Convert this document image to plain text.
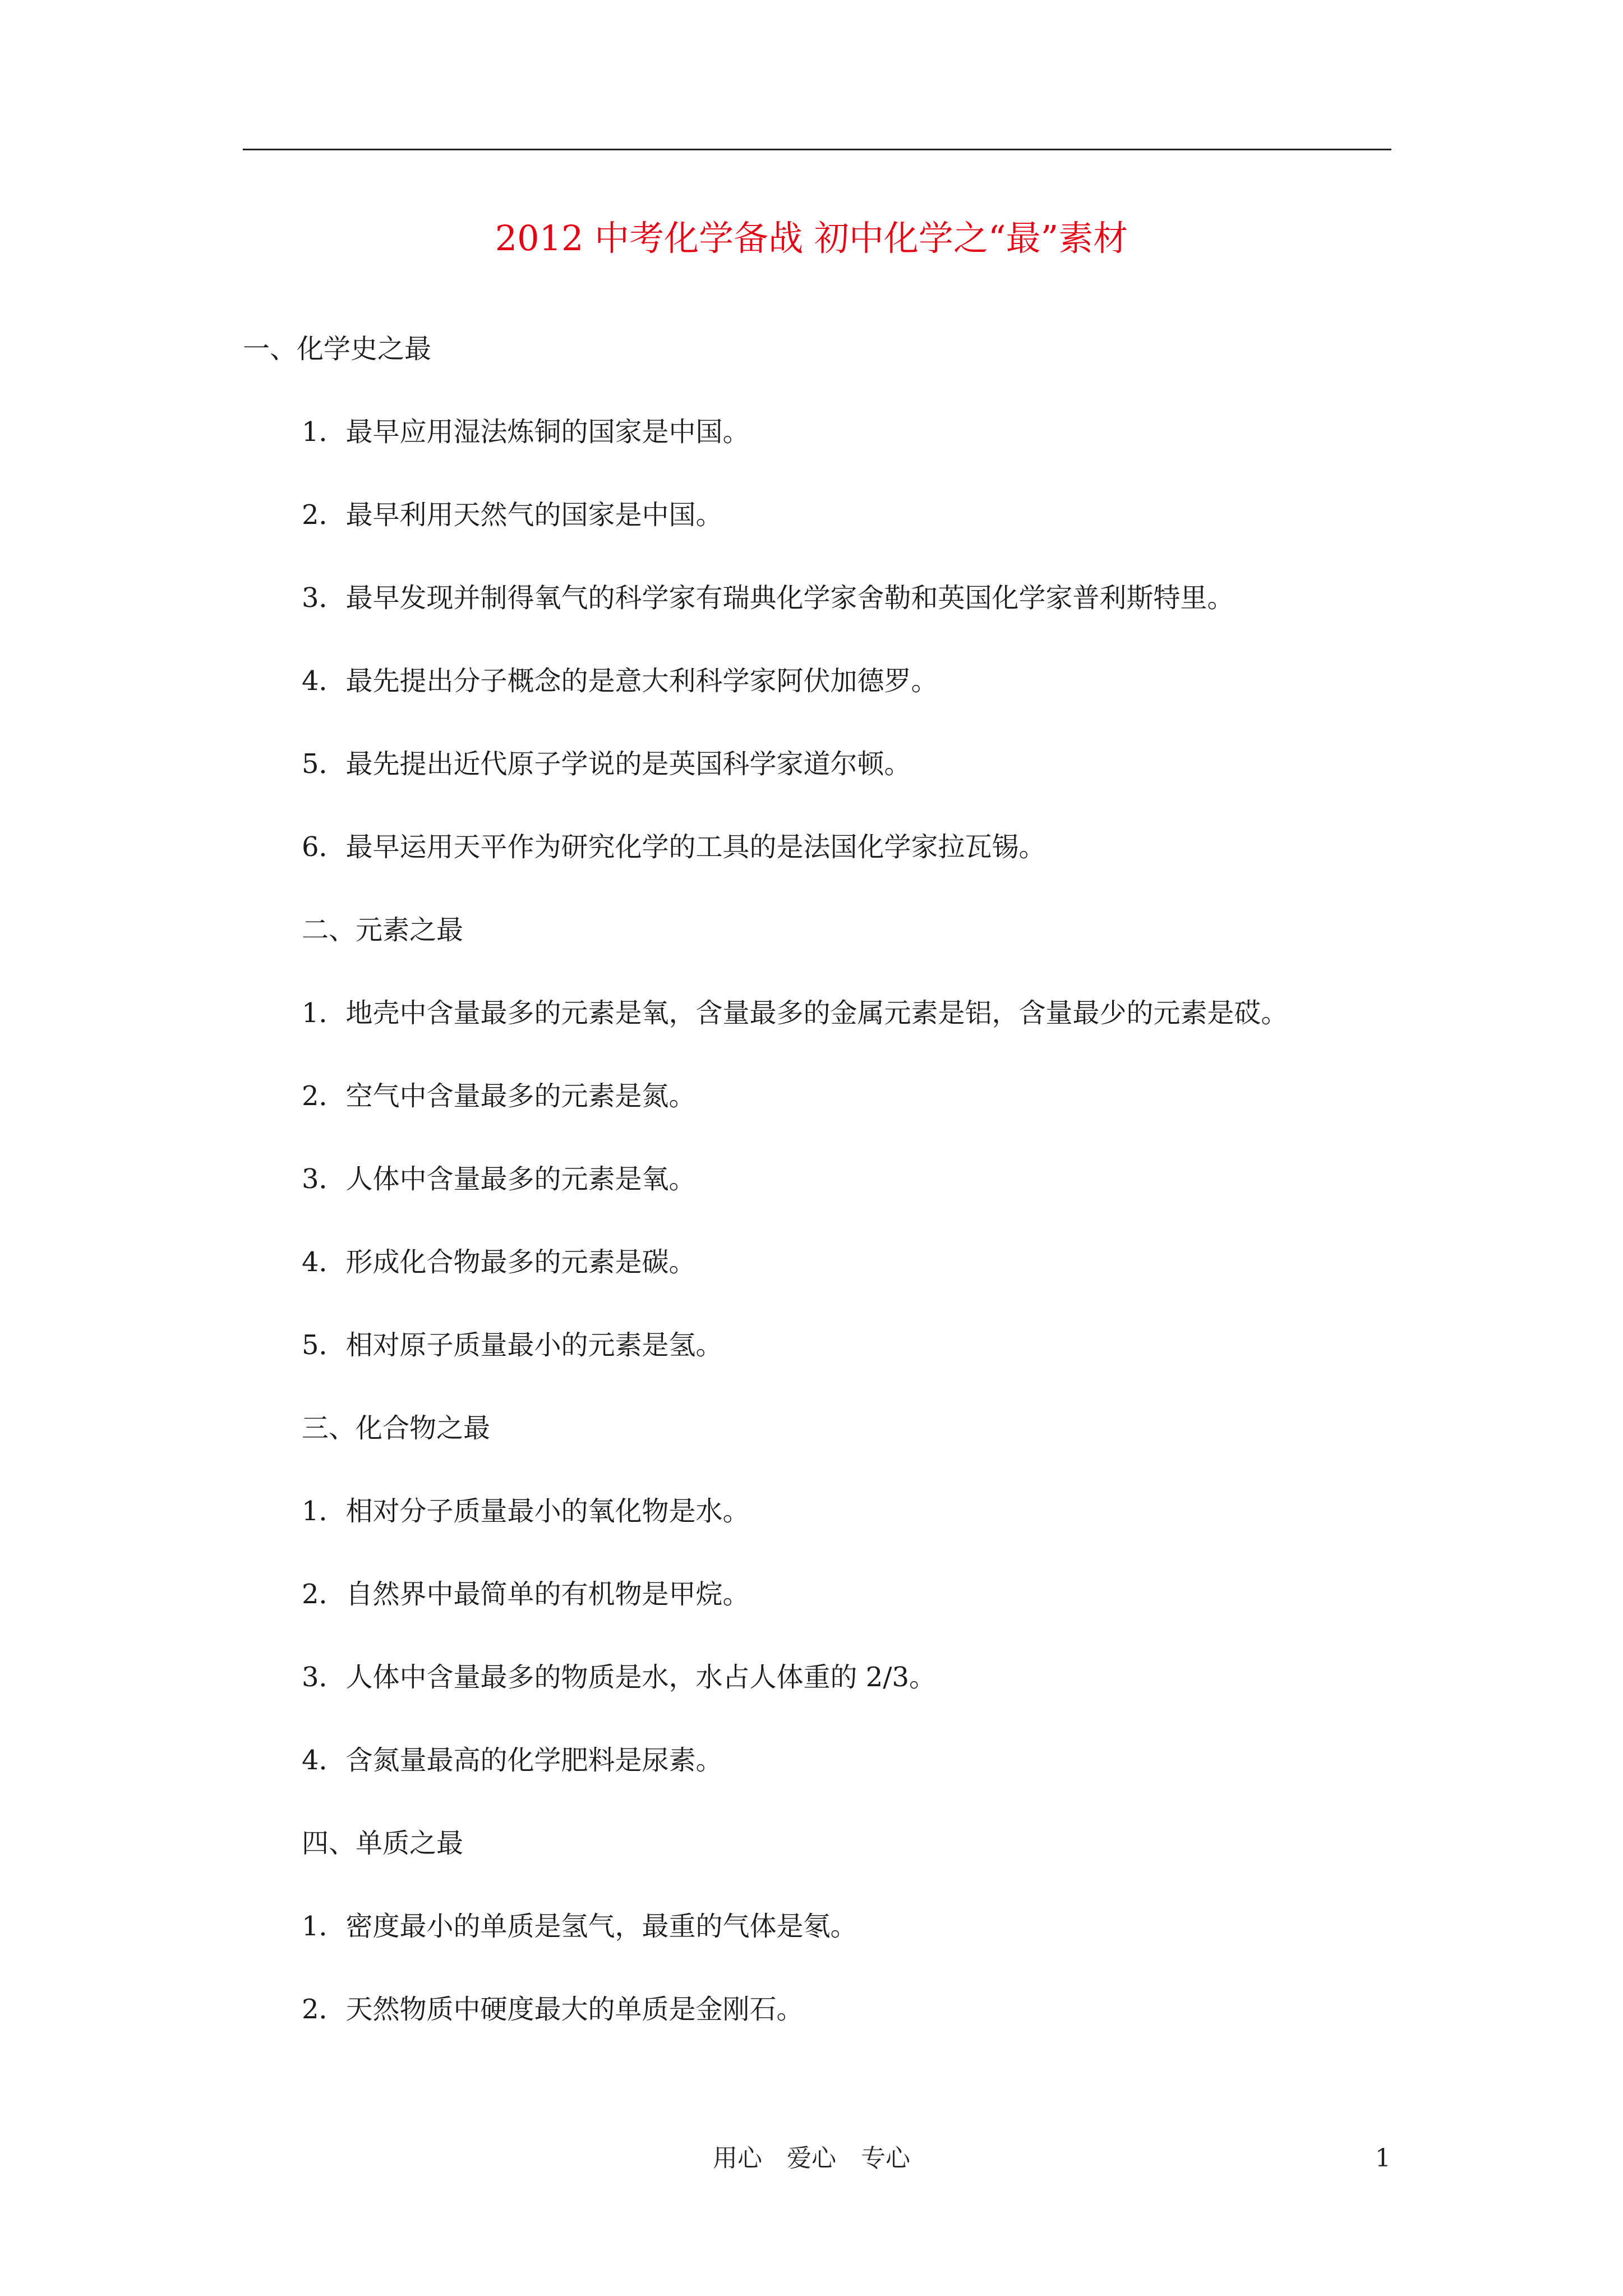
2012 中考化学备战 初中化学之“最”素材
一、化学史之最
1．最早应用湿法炼铜的国家是中国。
2．最早利用天然气的国家是中国。
3．最早发现并制得氧气的科学家有瑞典化学家舍勒和英国化学家普利斯特里。
4．最先提出分子概念的是意大利科学家阿伏加德罗。
5．最先提出近代原子学说的是英国科学家道尔顿。
6．最早运用天平作为研究化学的工具的是法国化学家拉瓦锡。
二、元素之最
1．地壳中含量最多的元素是氧，含量最多的金属元素是铝，含量最少的元素是砹。
2．空气中含量最多的元素是氮。
3．人体中含量最多的元素是氧。
4．形成化合物最多的元素是碳。
5．相对原子质量最小的元素是氢。
三、化合物之最
1．相对分子质量最小的氧化物是水。
2．自然界中最简单的有机物是甲烷。
3．人体中含量最多的物质是水，水占人体重的 2/3。
4．含氮量最高的化学肥料是尿素。
四、单质之最
1．密度最小的单质是氢气，最重的气体是氡。
2．天然物质中硬度最大的单质是金刚石。
用心　爱心　专心	1
